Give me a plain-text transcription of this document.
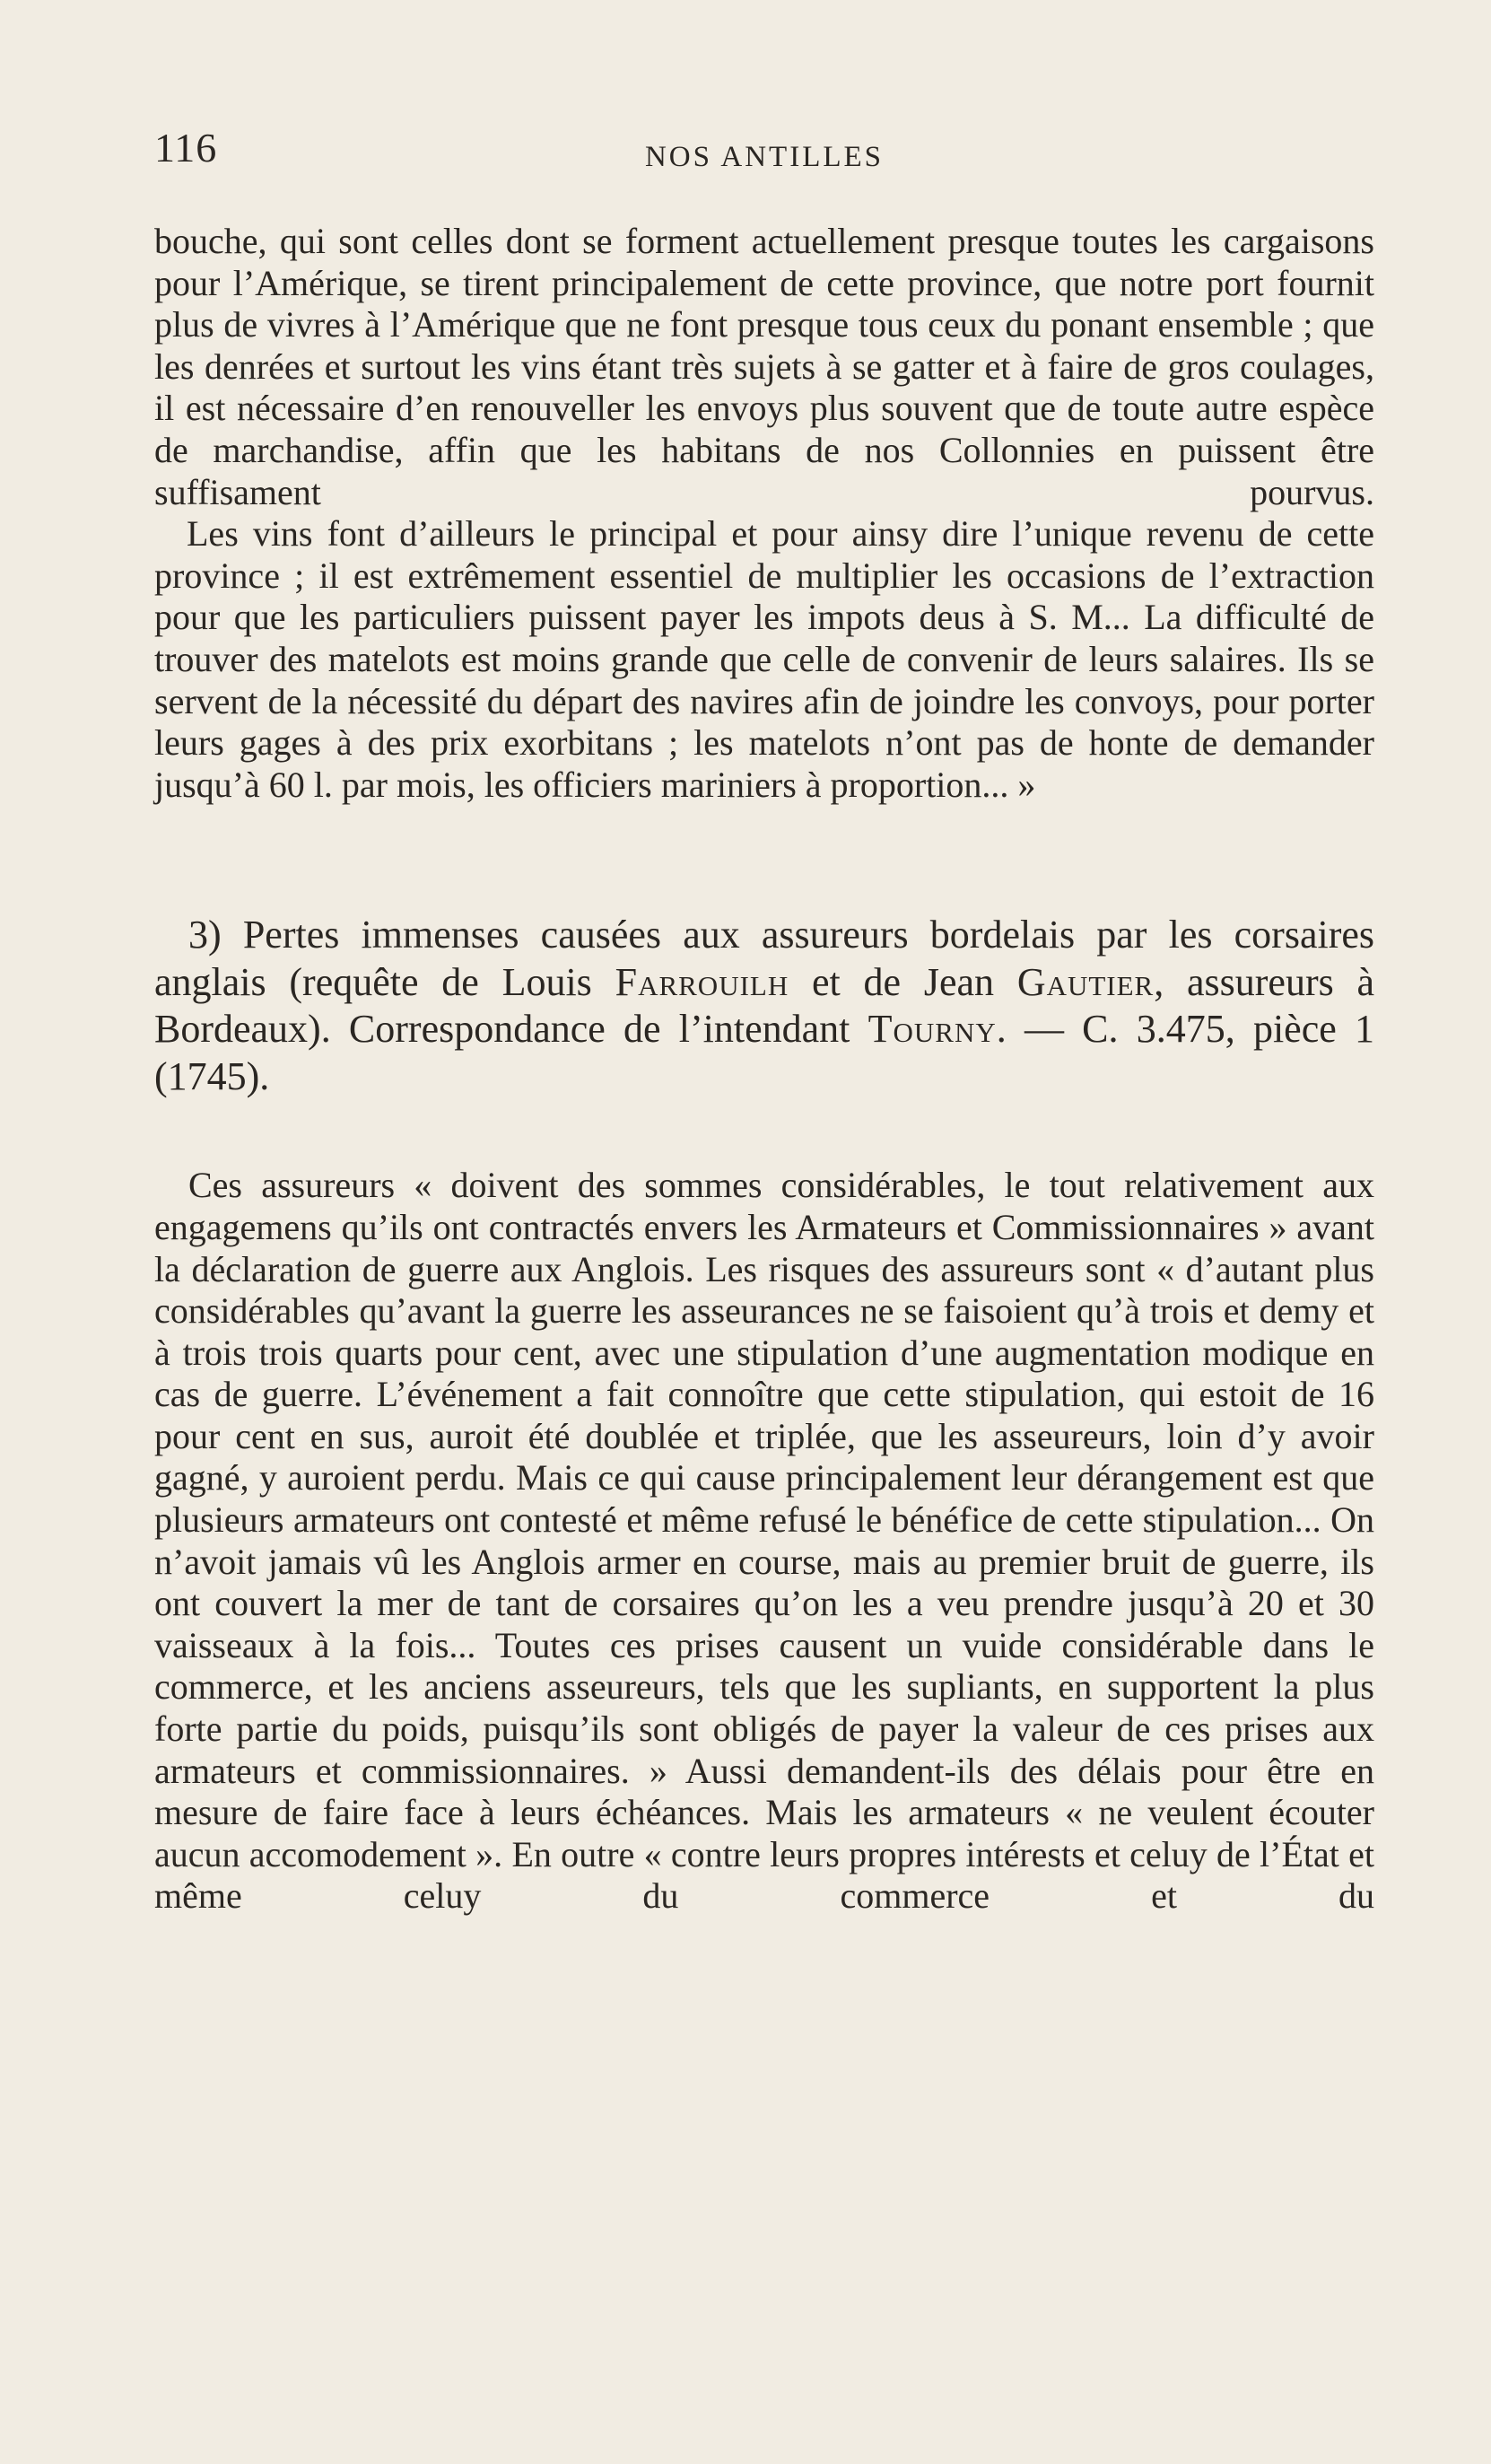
116	NOS ANTILLES

bouche, qui sont celles dont se forment actuellement presque toutes les cargaisons pour l’Amérique, se tirent principalement de cette province, que notre port fournit plus de vivres à l’Amérique que ne font presque tous ceux du ponant ensemble ; que les denrées et surtout les vins étant très sujets à se gatter et à faire de gros coulages, il est nécessaire d’en renouveller les envoys plus souvent que de toute autre espèce de marchandise, affin que les habitans de nos Collonnies en puissent être suffisament pourvus.

Les vins font d’ailleurs le principal et pour ainsy dire l’unique revenu de cette province ; il est extrêmement essentiel de multiplier les occasions de l’extraction pour que les particuliers puissent payer les impots deus à S. M... La difficulté de trouver des matelots est moins grande que celle de convenir de leurs salaires. Ils se servent de la nécessité du départ des navires afin de joindre les convoys, pour porter leurs gages à des prix exorbitans ; les matelots n’ont pas de honte de demander jusqu’à 60 l. par mois, les officiers mariniers à proportion... »

3) Pertes immenses causées aux assureurs bordelais par les corsaires anglais (requête de Louis Farrouilh et de Jean Gautier, assureurs à Bordeaux). Correspondance de l’intendant Tourny. — C. 3.475, pièce 1 (1745).

Ces assureurs « doivent des sommes considérables, le tout relativement aux engagemens qu’ils ont contractés envers les Armateurs et Commissionnaires » avant la déclaration de guerre aux Anglois. Les risques des assureurs sont « d’autant plus considérables qu’avant la guerre les asseurances ne se faisoient qu’à trois et demy et à trois trois quarts pour cent, avec une stipulation d’une augmentation modique en cas de guerre. L’événement a fait connoître que cette stipulation, qui estoit de 16 pour cent en sus, auroit été doublée et triplée, que les asseureurs, loin d’y avoir gagné, y auroient perdu. Mais ce qui cause principalement leur dérangement est que plusieurs armateurs ont contesté et même refusé le bénéfice de cette stipulation... On n’avoit jamais vû les Anglois armer en course, mais au premier bruit de guerre, ils ont couvert la mer de tant de corsaires qu’on les a veu prendre jusqu’à 20 et 30 vaisseaux à la fois... Toutes ces prises causent un vuide considérable dans le commerce, et les anciens asseureurs, tels que les supliants, en supportent la plus forte partie du poids, puisqu’ils sont obligés de payer la valeur de ces prises aux armateurs et commissionnaires. » Aussi demandent-ils des délais pour être en mesure de faire face à leurs échéances. Mais les armateurs « ne veulent écouter aucun accomodement ». En outre « contre leurs propres intérests et celuy de l’État et même celuy du commerce et du
